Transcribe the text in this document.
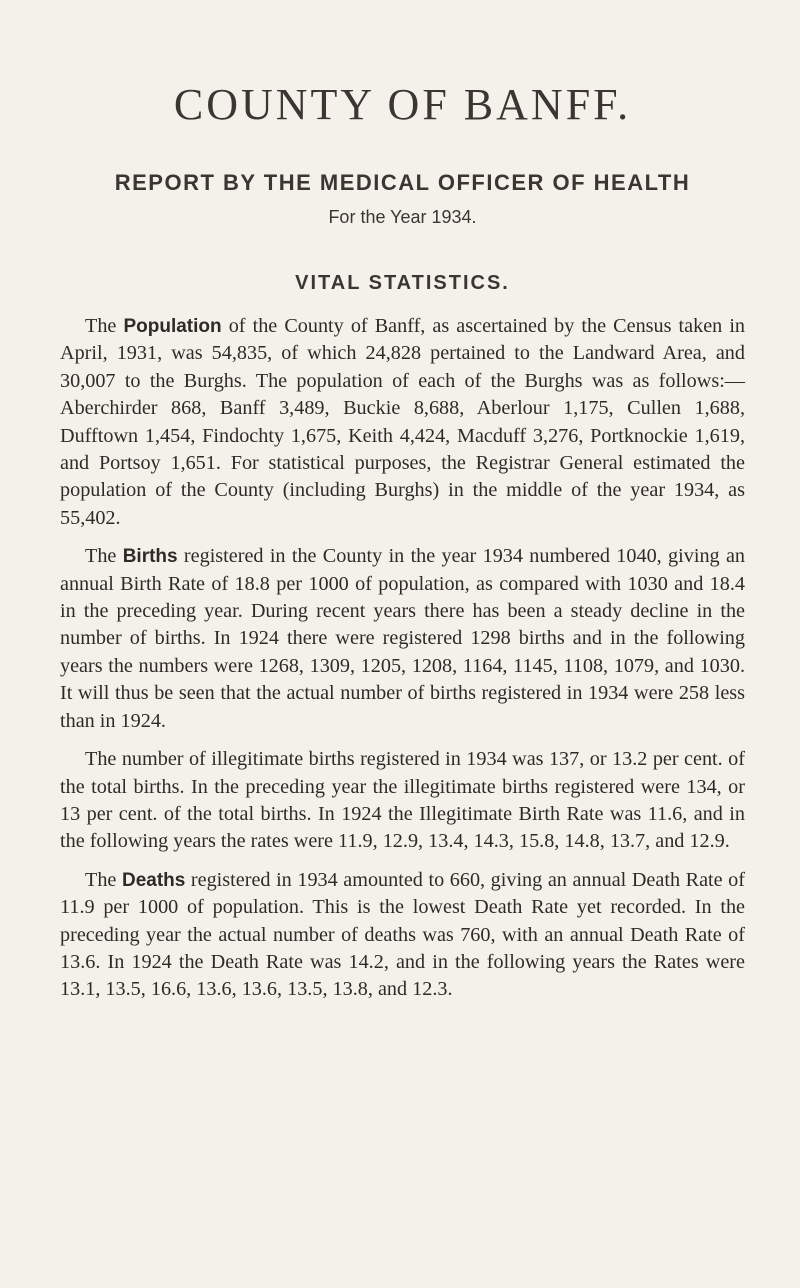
COUNTY OF BANFF.
REPORT BY THE MEDICAL OFFICER OF HEALTH

For the Year 1934.

VITAL STATISTICS.

The Population of the County of Banff, as ascertained by the Census taken in April, 1931, was 54,835, of which 24,828 pertained to the Landward Area, and 30,007 to the Burghs. The population of each of the Burghs was as follows:—Aberchirder 868, Banff 3,489, Buckie 8,688, Aberlour 1,175, Cullen 1,688, Dufftown 1,454, Findochty 1,675, Keith 4,424, Macduff 3,276, Portknockie 1,619, and Portsoy 1,651. For statistical purposes, the Registrar General estimated the population of the County (including Burghs) in the middle of the year 1934, as 55,402.

The Births registered in the County in the year 1934 numbered 1040, giving an annual Birth Rate of 18.8 per 1000 of population, as compared with 1030 and 18.4 in the preceding year. During recent years there has been a steady decline in the number of births. In 1924 there were registered 1298 births and in the following years the numbers were 1268, 1309, 1205, 1208, 1164, 1145, 1108, 1079, and 1030. It will thus be seen that the actual number of births registered in 1934 were 258 less than in 1924.

The number of illegitimate births registered in 1934 was 137, or 13.2 per cent. of the total births. In the preceding year the illegitimate births registered were 134, or 13 per cent. of the total births. In 1924 the Illegitimate Birth Rate was 11.6, and in the following years the rates were 11.9, 12.9, 13.4, 14.3, 15.8, 14.8, 13.7, and 12.9.

The Deaths registered in 1934 amounted to 660, giving an annual Death Rate of 11.9 per 1000 of population. This is the lowest Death Rate yet recorded. In the preceding year the actual number of deaths was 760, with an annual Death Rate of 13.6. In 1924 the Death Rate was 14.2, and in the following years the Rates were 13.1, 13.5, 16.6, 13.6, 13.6, 13.5, 13.8, and 12.3.
